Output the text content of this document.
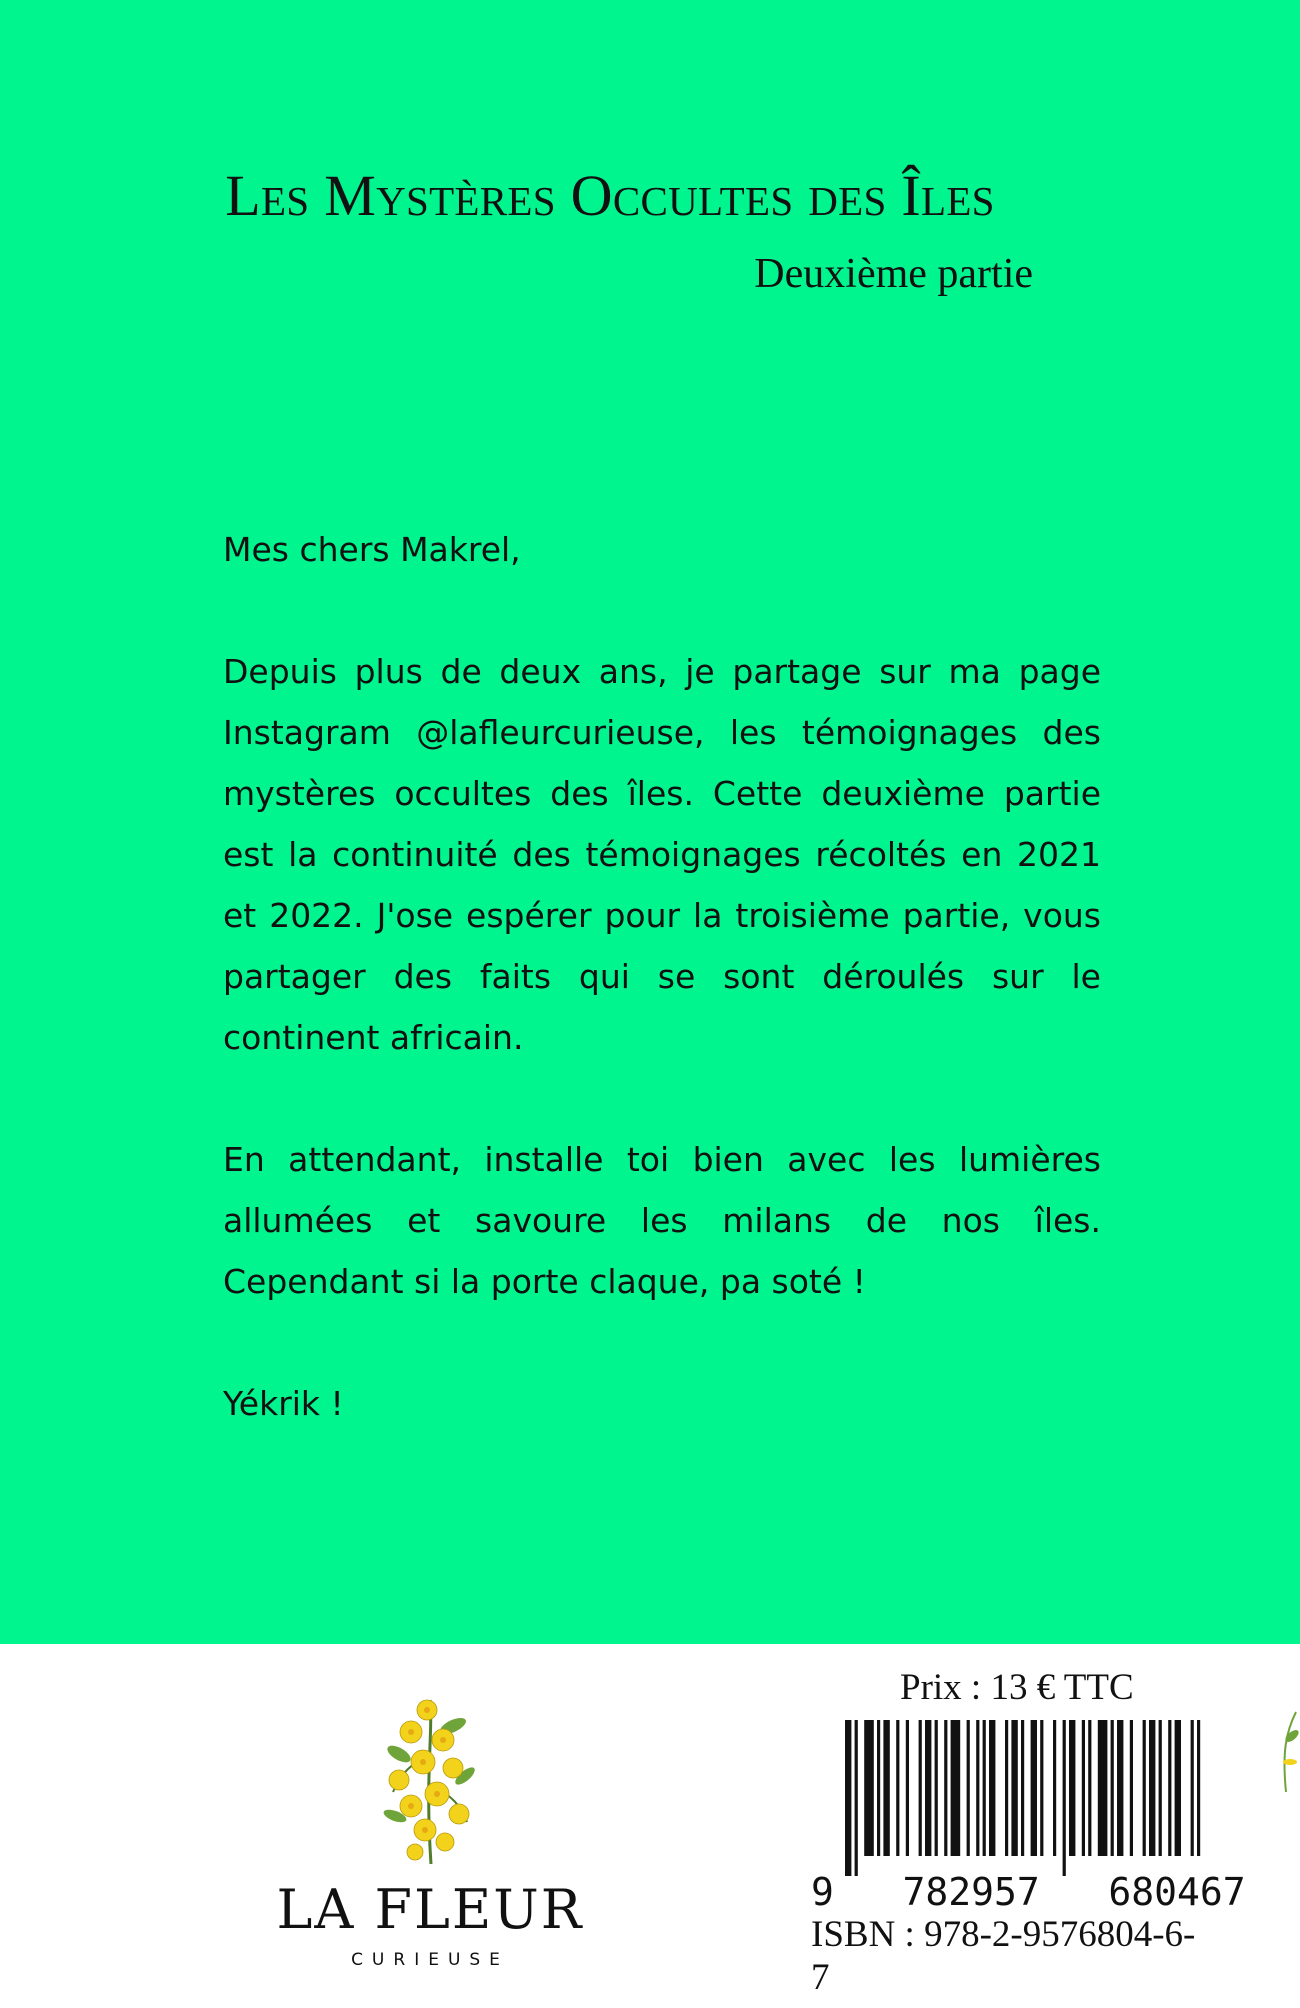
Les Mystères Occultes des Îles

Deuxième partie

Mes chers Makrel,

Depuis plus de deux ans, je partage sur ma page Instagram @lafleurcurieuse, les témoignages des mystères occultes des îles. Cette deuxième partie est la continuité des témoignages récoltés en 2021 et 2022. J'ose espérer pour la troisième partie, vous partager des faits qui se sont déroulés sur le continent africain.

En attendant, installe toi bien avec les lumières allumées et savoure les milans de nos îles. Cependant si la porte claque, pa soté !

Yékrik !

LA FLEUR
CURIEUSE
Prix : 13 € TTC
9   782957   680467
ISBN : 978-2-9576804-6-7
